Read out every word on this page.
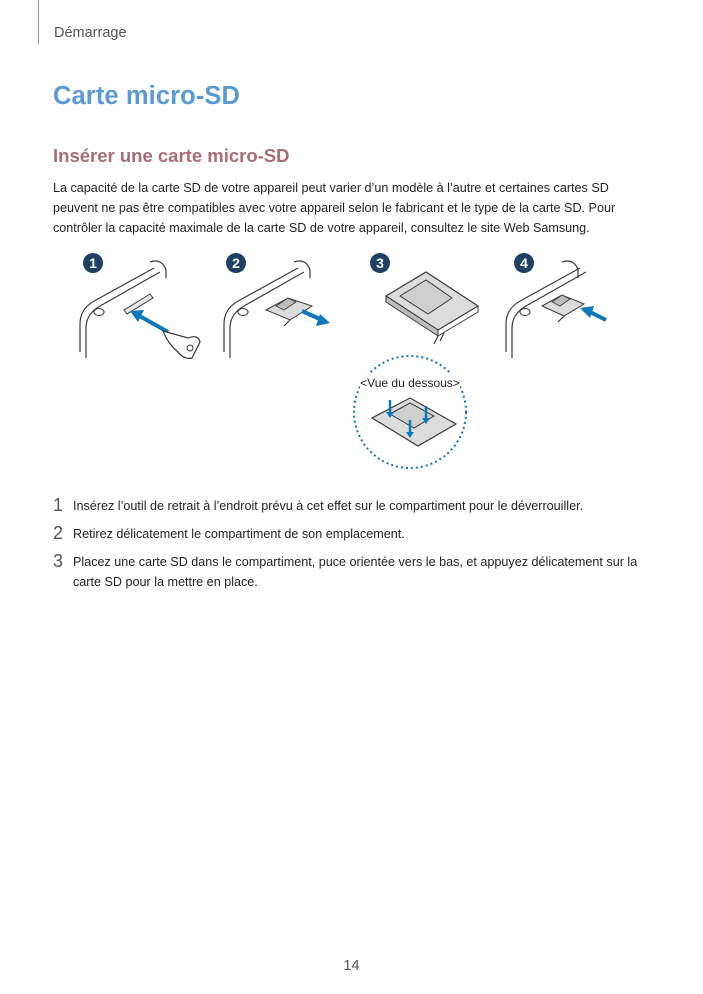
Démarrage
Carte micro-SD
Insérer une carte micro-SD

La capacité de la carte SD de votre appareil peut varier d’un modèle à l’autre et certaines cartes SD peuvent ne pas être compatibles avec votre appareil selon le fabricant et le type de la carte SD. Pour contrôler la capacité maximale de la carte SD de votre appareil, consultez le site Web Samsung.

1	2	3
<Vue du dessous>
4
1 Insérez l’outil de retrait à l’endroit prévu à cet effet sur le compartiment pour le déverrouiller.
2 Retirez délicatement le compartiment de son emplacement.
3 Placez une carte SD dans le compartiment, puce orientée vers le bas, et appuyez délicatement sur la carte SD pour la mettre en place.
14
